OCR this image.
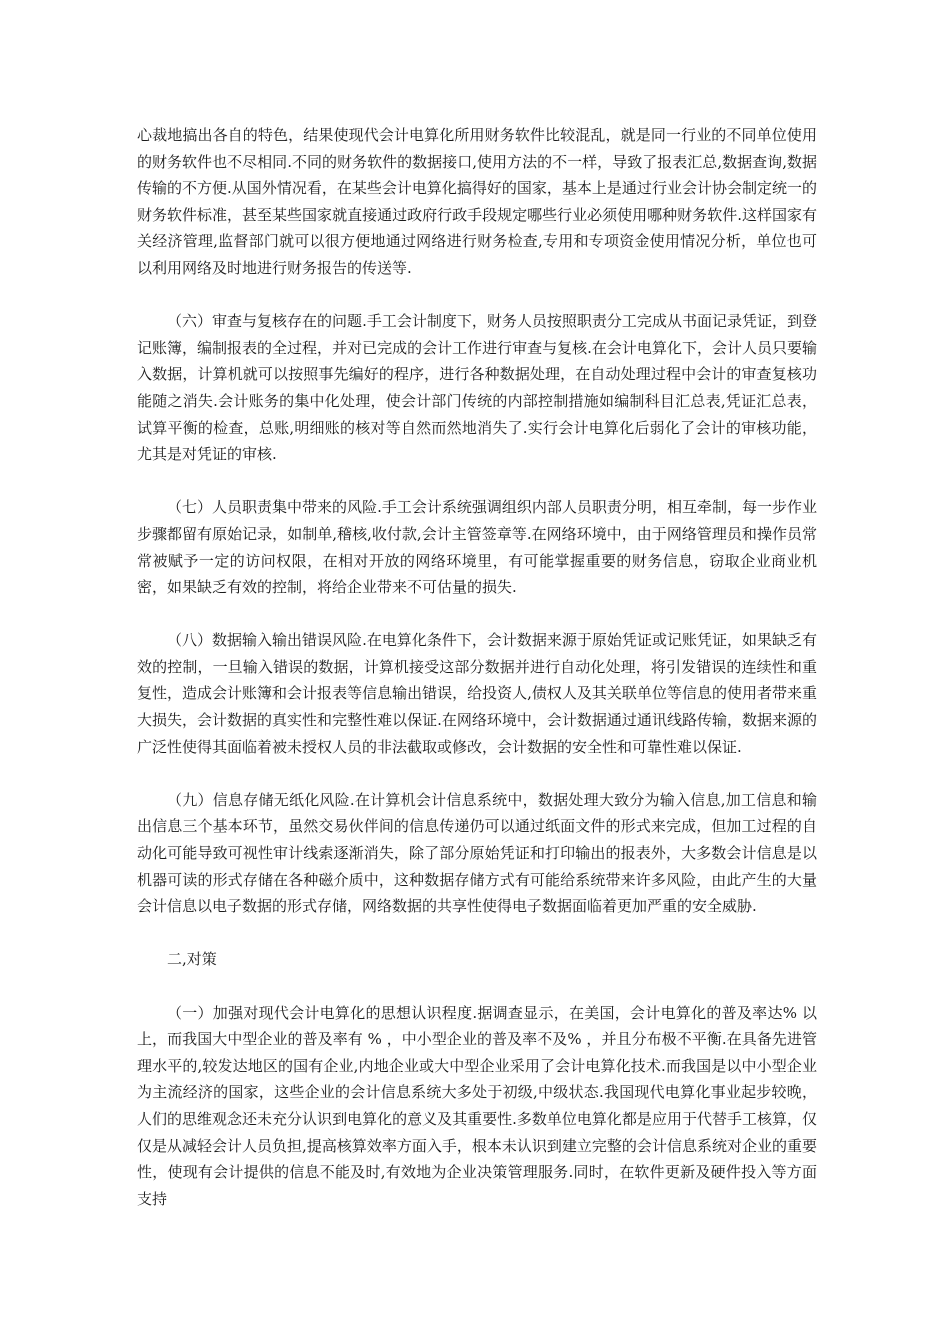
心裁地搞出各自的特色，结果使现代会计电算化所用财务软件比较混乱，就是同一行业的不同单位使用的财务软件也不尽相同.不同的财务软件的数据接口,使用方法的不一样，导致了报表汇总,数据查询,数据传输的不方便.从国外情况看，在某些会计电算化搞得好的国家，基本上是通过行业会计协会制定统一的财务软件标准，甚至某些国家就直接通过政府行政手段规定哪些行业必须使用哪种财务软件.这样国家有关经济管理,监督部门就可以很方便地通过网络进行财务检查,专用和专项资金使用情况分析，单位也可以利用网络及时地进行财务报告的传送等.

（六）审查与复核存在的问题.手工会计制度下，财务人员按照职责分工完成从书面记录凭证，到登记账簿，编制报表的全过程，并对已完成的会计工作进行审查与复核.在会计电算化下，会计人员只要输入数据，计算机就可以按照事先编好的程序，进行各种数据处理，在自动处理过程中会计的审查复核功能随之消失.会计账务的集中化处理，使会计部门传统的内部控制措施如编制科目汇总表,凭证汇总表，试算平衡的检查，总账,明细账的核对等自然而然地消失了.实行会计电算化后弱化了会计的审核功能，尤其是对凭证的审核.

（七）人员职责集中带来的风险.手工会计系统强调组织内部人员职责分明，相互牵制，每一步作业步骤都留有原始记录，如制单,稽核,收付款,会计主管签章等.在网络环境中，由于网络管理员和操作员常常被赋予一定的访问权限，在相对开放的网络环境里，有可能掌握重要的财务信息，窃取企业商业机密，如果缺乏有效的控制，将给企业带来不可估量的损失.

（八）数据输入输出错误风险.在电算化条件下，会计数据来源于原始凭证或记账凭证，如果缺乏有效的控制，一旦输入错误的数据，计算机接受这部分数据并进行自动化处理，将引发错误的连续性和重复性，造成会计账簿和会计报表等信息输出错误，给投资人,债权人及其关联单位等信息的使用者带来重大损失，会计数据的真实性和完整性难以保证.在网络环境中，会计数据通过通讯线路传输，数据来源的广泛性使得其面临着被未授权人员的非法截取或修改，会计数据的安全性和可靠性难以保证.

（九）信息存储无纸化风险.在计算机会计信息系统中，数据处理大致分为输入信息,加工信息和输出信息三个基本环节，虽然交易伙伴间的信息传递仍可以通过纸面文件的形式来完成，但加工过程的自动化可能导致可视性审计线索逐渐消失，除了部分原始凭证和打印输出的报表外，大多数会计信息是以机器可读的形式存储在各种磁介质中，这种数据存储方式有可能给系统带来许多风险，由此产生的大量会计信息以电子数据的形式存储，网络数据的共享性使得电子数据面临着更加严重的安全威胁.

二,对策

（一）加强对现代会计电算化的思想认识程度.据调查显示，在美国，会计电算化的普及率达% 以上，而我国大中型企业的普及率有 % ，中小型企业的普及率不及% ，并且分布极不平衡.在具备先进管理水平的,较发达地区的国有企业,内地企业或大中型企业采用了会计电算化技术.而我国是以中小型企业为主流经济的国家，这些企业的会计信息系统大多处于初级,中级状态.我国现代电算化事业起步较晚，人们的思维观念还未充分认识到电算化的意义及其重要性.多数单位电算化都是应用于代替手工核算，仅仅是从减轻会计人员负担,提高核算效率方面入手，根本未认识到建立完整的会计信息系统对企业的重要性，使现有会计提供的信息不能及时,有效地为企业决策管理服务.同时，在软件更新及硬件投入等方面支持
